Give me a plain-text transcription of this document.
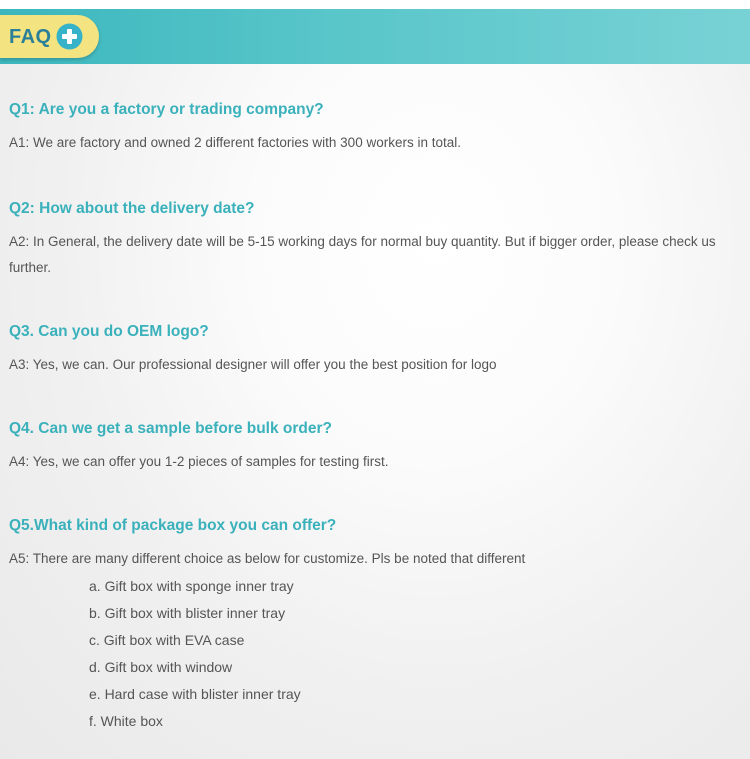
FAQ
Q1: Are you a factory or trading company?
A1: We are factory and owned 2 different factories with 300 workers in total.
Q2: How about the delivery date?
A2: In General, the delivery date will be 5-15 working days for normal buy quantity. But if bigger order, please check us further.
Q3. Can you do OEM logo?
A3: Yes, we can. Our professional designer will offer you the best position for logo
Q4. Can we get a sample before bulk order?
A4: Yes, we can offer you 1-2 pieces of samples for testing first.
Q5.What kind of package box you can offer?
A5: There are many different choice as below for customize. Pls be noted that different
a. Gift box with sponge inner tray
b. Gift box with blister inner tray
c. Gift box with EVA case
d. Gift box with window
e. Hard case with blister inner tray
f. White box
